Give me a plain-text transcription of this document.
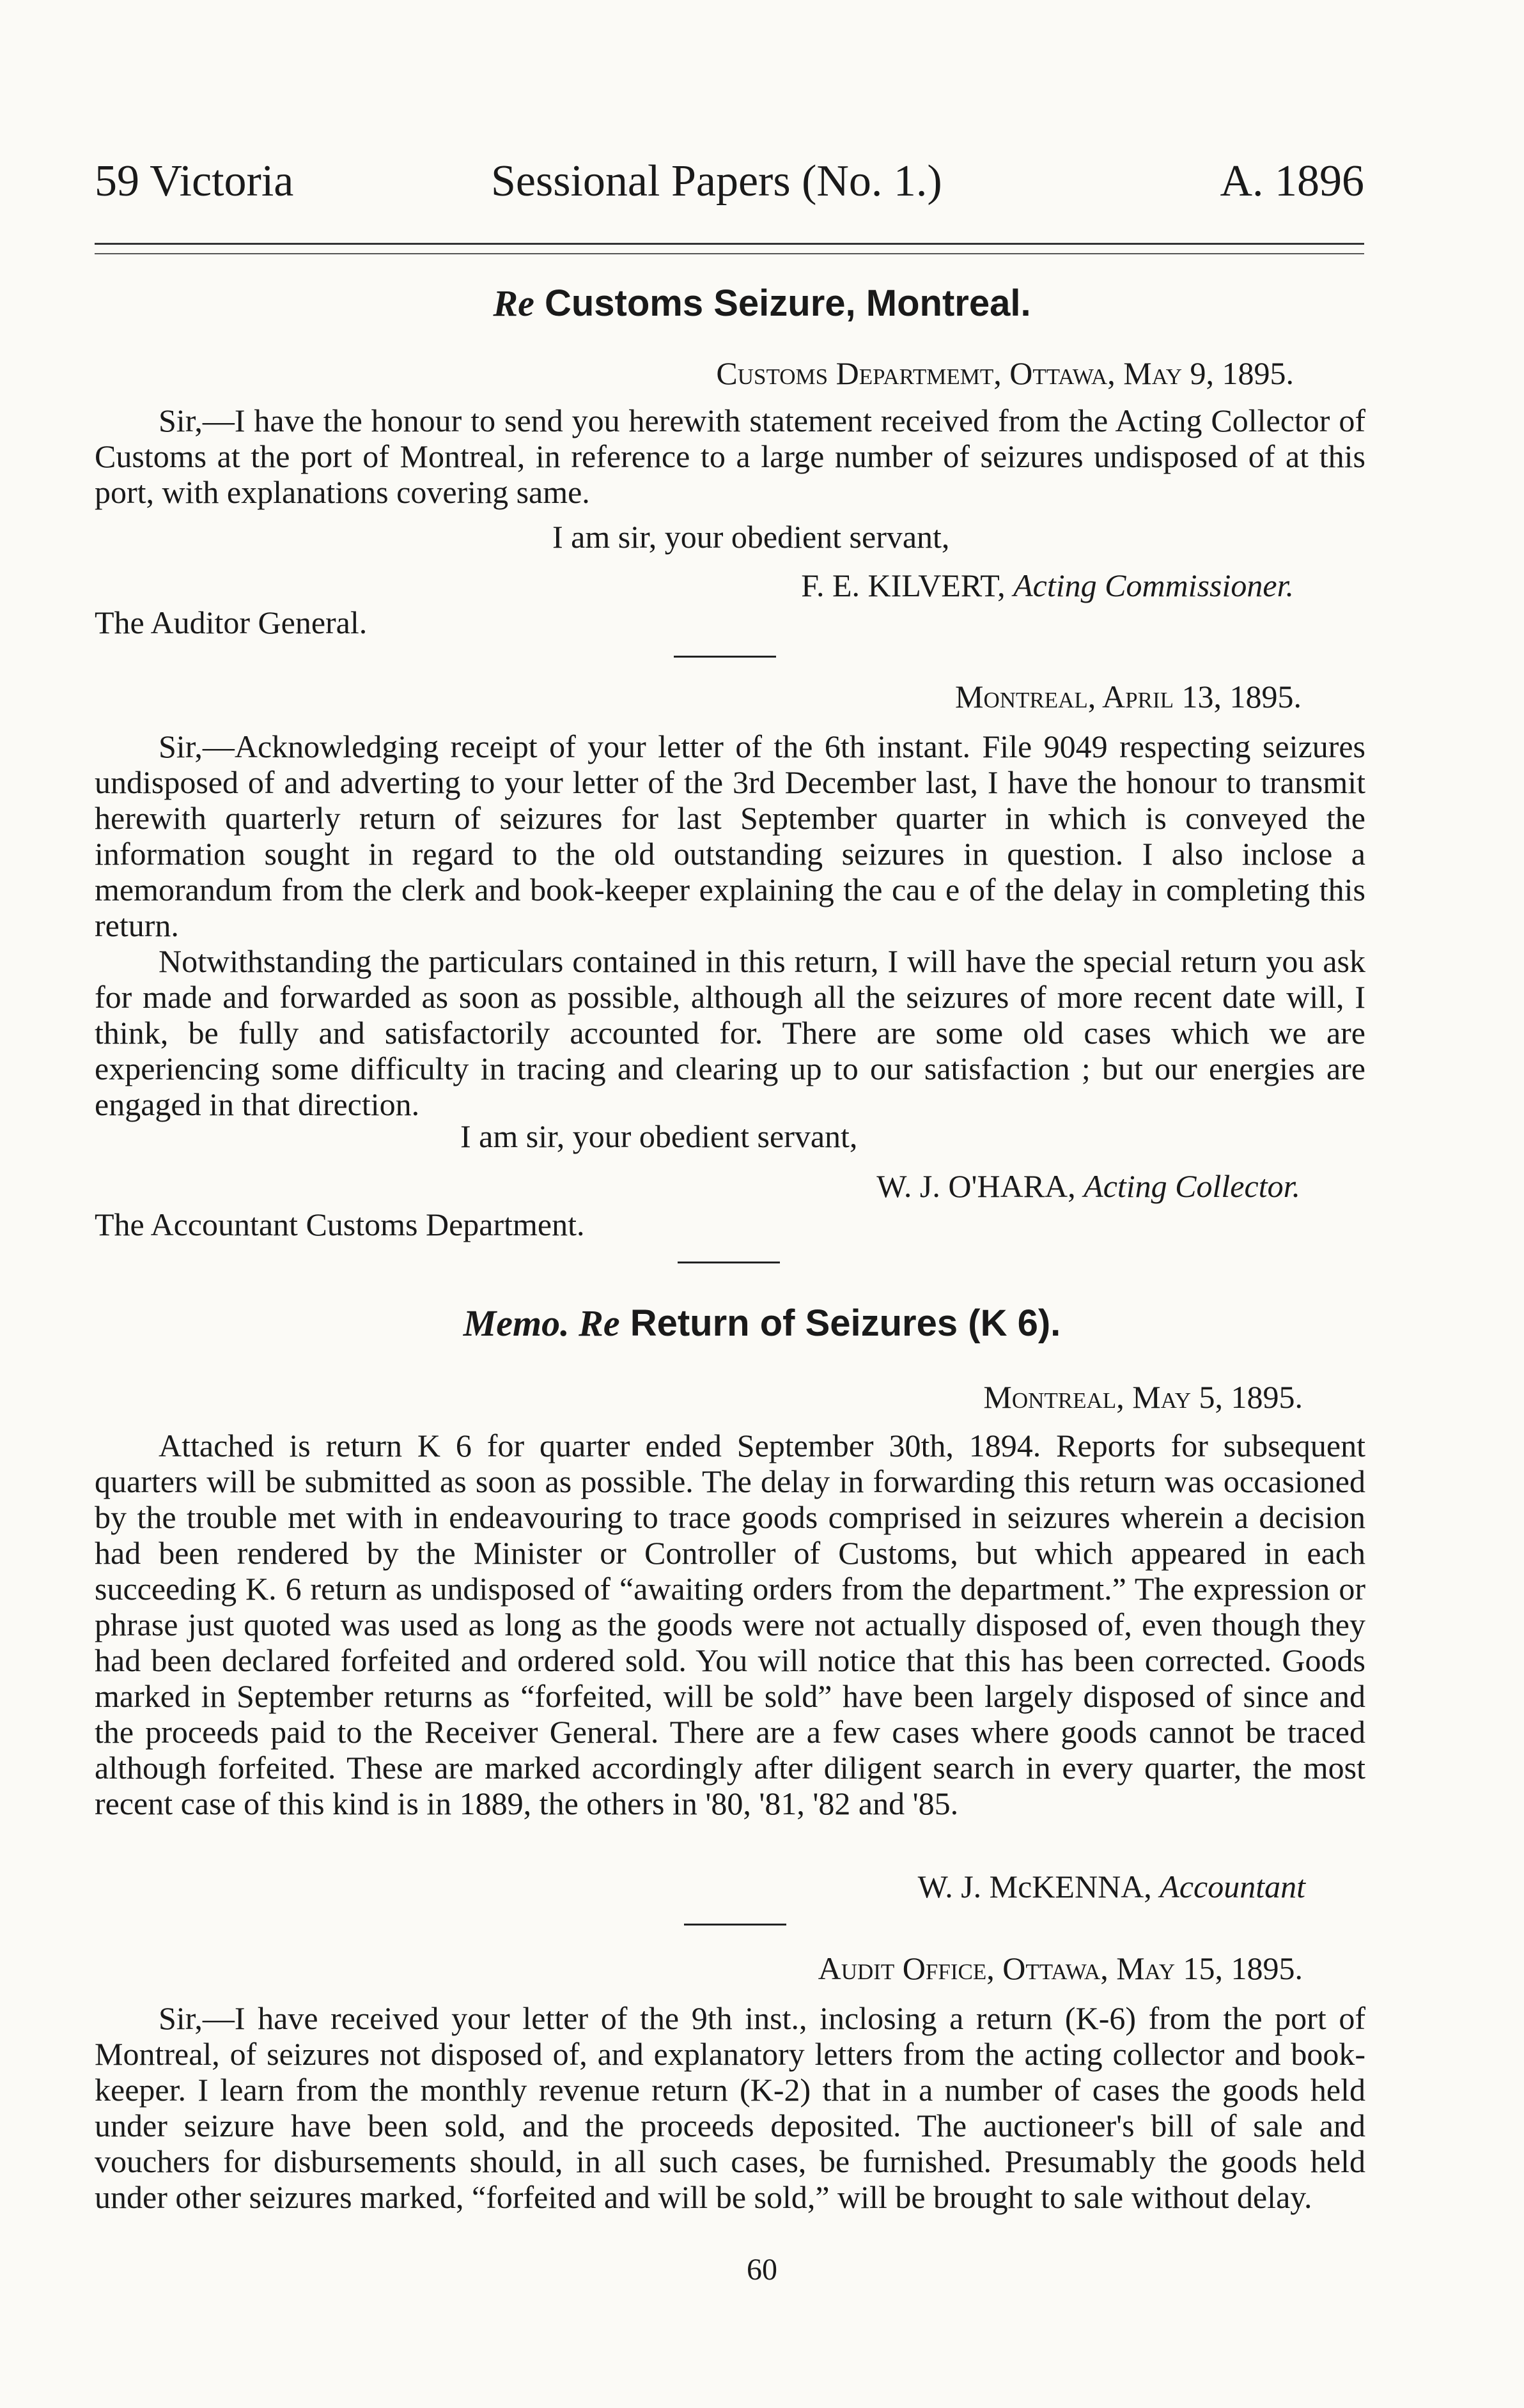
59 Victoria	Sessional Papers (No. 1.)	A. 1896
Re Customs Seizure, Montreal.
Customs Departmemt, Ottawa, May 9, 1895.

Sir,—I have the honour to send you herewith statement received from the Acting Collector of Customs at the port of Montreal, in reference to a large number of seizures undisposed of at this port, with explanations covering same.

I am sir, your obedient servant,
F. E. KILVERT, Acting Commissioner.
The Auditor General.
Montreal, April 13, 1895.

Sir,—Acknowledging receipt of your letter of the 6th instant. File 9049 respecting seizures undisposed of and adverting to your letter of the 3rd December last, I have the honour to transmit herewith quarterly return of seizures for last September quarter in which is conveyed the information sought in regard to the old outstanding seizures in question. I also inclose a memorandum from the clerk and book-keeper explaining the cau e of the delay in completing this return.

Notwithstanding the particulars contained in this return, I will have the special return you ask for made and forwarded as soon as possible, although all the seizures of more recent date will, I think, be fully and satisfactorily accounted for. There are some old cases which we are experiencing some difficulty in tracing and clearing up to our satisfaction ; but our energies are engaged in that direction.

I am sir, your obedient servant,
W. J. O'HARA, Acting Collector.
The Accountant Customs Department.
Memo. Re Return of Seizures (K 6).
Montreal, May 5, 1895.

Attached is return K 6 for quarter ended September 30th, 1894. Reports for subsequent quarters will be submitted as soon as possible. The delay in forwarding this return was occasioned by the trouble met with in endeavouring to trace goods comprised in seizures wherein a decision had been rendered by the Minister or Controller of Customs, but which appeared in each succeeding K. 6 return as undisposed of “awaiting orders from the department.” The expression or phrase just quoted was used as long as the goods were not actually disposed of, even though they had been declared forfeited and ordered sold. You will notice that this has been corrected. Goods marked in September returns as “forfeited, will be sold” have been largely disposed of since and the proceeds paid to the Receiver General. There are a few cases where goods cannot be traced although forfeited. These are marked accordingly after diligent search in every quarter, the most recent case of this kind is in 1889, the others in '80, '81, '82 and '85.

W. J. McKENNA, Accountant
Audit Office, Ottawa, May 15, 1895.

Sir,—I have received your letter of the 9th inst., inclosing a return (K-6) from the port of Montreal, of seizures not disposed of, and explanatory letters from the acting collector and book-keeper. I learn from the monthly revenue return (K-2) that in a number of cases the goods held under seizure have been sold, and the proceeds deposited. The auctioneer's bill of sale and vouchers for disbursements should, in all such cases, be furnished. Presumably the goods held under other seizures marked, “forfeited and will be sold,” will be brought to sale without delay.

60
